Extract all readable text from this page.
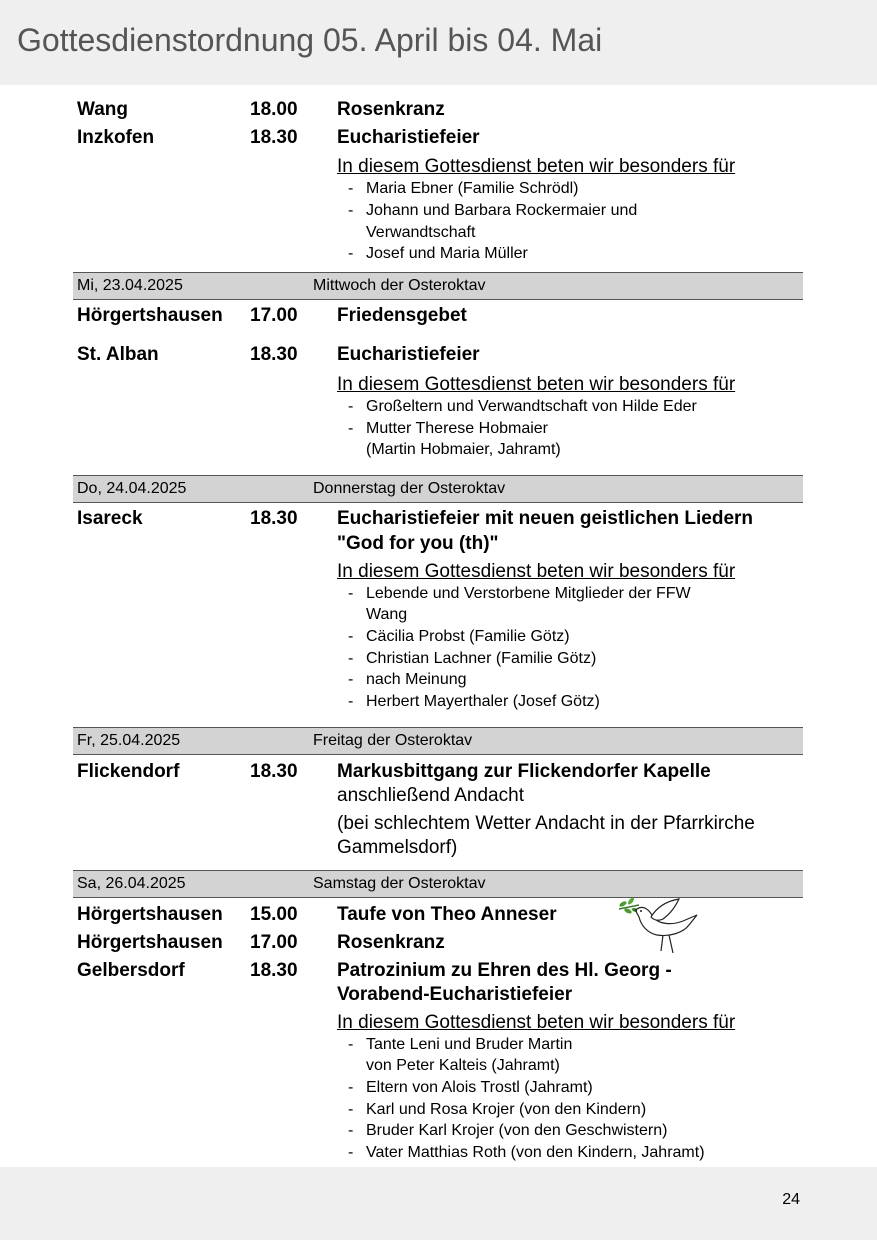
Gottesdienstordnung 05. April bis 04. Mai
Wang	18.00 Rosenkranz
Inzkofen	18.30 Eucharistiefeier
In diesem Gottesdienst beten wir besonders für
- Maria Ebner (Familie Schrödl)
- Johann und Barbara Rockermaier und
Verwandtschaft
- Josef und Maria Müller
Mi, 23.04.2025	Mittwoch der Osteroktav
Hörgertshausen 17.00 Friedensgebet
St. Alban	18.30 Eucharistiefeier
In diesem Gottesdienst beten wir besonders für
- Großeltern und Verwandtschaft von Hilde Eder
- Mutter Therese Hobmaier
(Martin Hobmaier, Jahramt)
Do, 24.04.2025	Donnerstag der Osteroktav
Isareck	18.30 Eucharistiefeier mit neuen geistlichen Liedern
"God for you (th)"
In diesem Gottesdienst beten wir besonders für
- Lebende und Verstorbene Mitglieder der FFW
Wang
- Cäcilia Probst (Familie Götz)
- Christian Lachner (Familie Götz)
- nach Meinung
- Herbert Mayerthaler (Josef Götz)
Fr, 25.04.2025	Freitag der Osteroktav
Flickendorf	18.30 Markusbittgang zur Flickendorfer Kapelle
anschließend Andacht
(bei schlechtem Wetter Andacht in der Pfarrkirche
Gammelsdorf)
Sa, 26.04.2025	Samstag der Osteroktav
Hörgertshausen 15.00 Taufe von Theo Anneser
Hörgertshausen 17.00 Rosenkranz
Gelbersdorf	18.30 Patrozinium zu Ehren des Hl. Georg -
Vorabend-Eucharistiefeier
In diesem Gottesdienst beten wir besonders für
- Tante Leni und Bruder Martin
von Peter Kalteis (Jahramt)
- Eltern von Alois Trostl (Jahramt)
- Karl und Rosa Krojer (von den Kindern)
- Bruder Karl Krojer (von den Geschwistern)
- Vater Matthias Roth (von den Kindern, Jahramt)
24
